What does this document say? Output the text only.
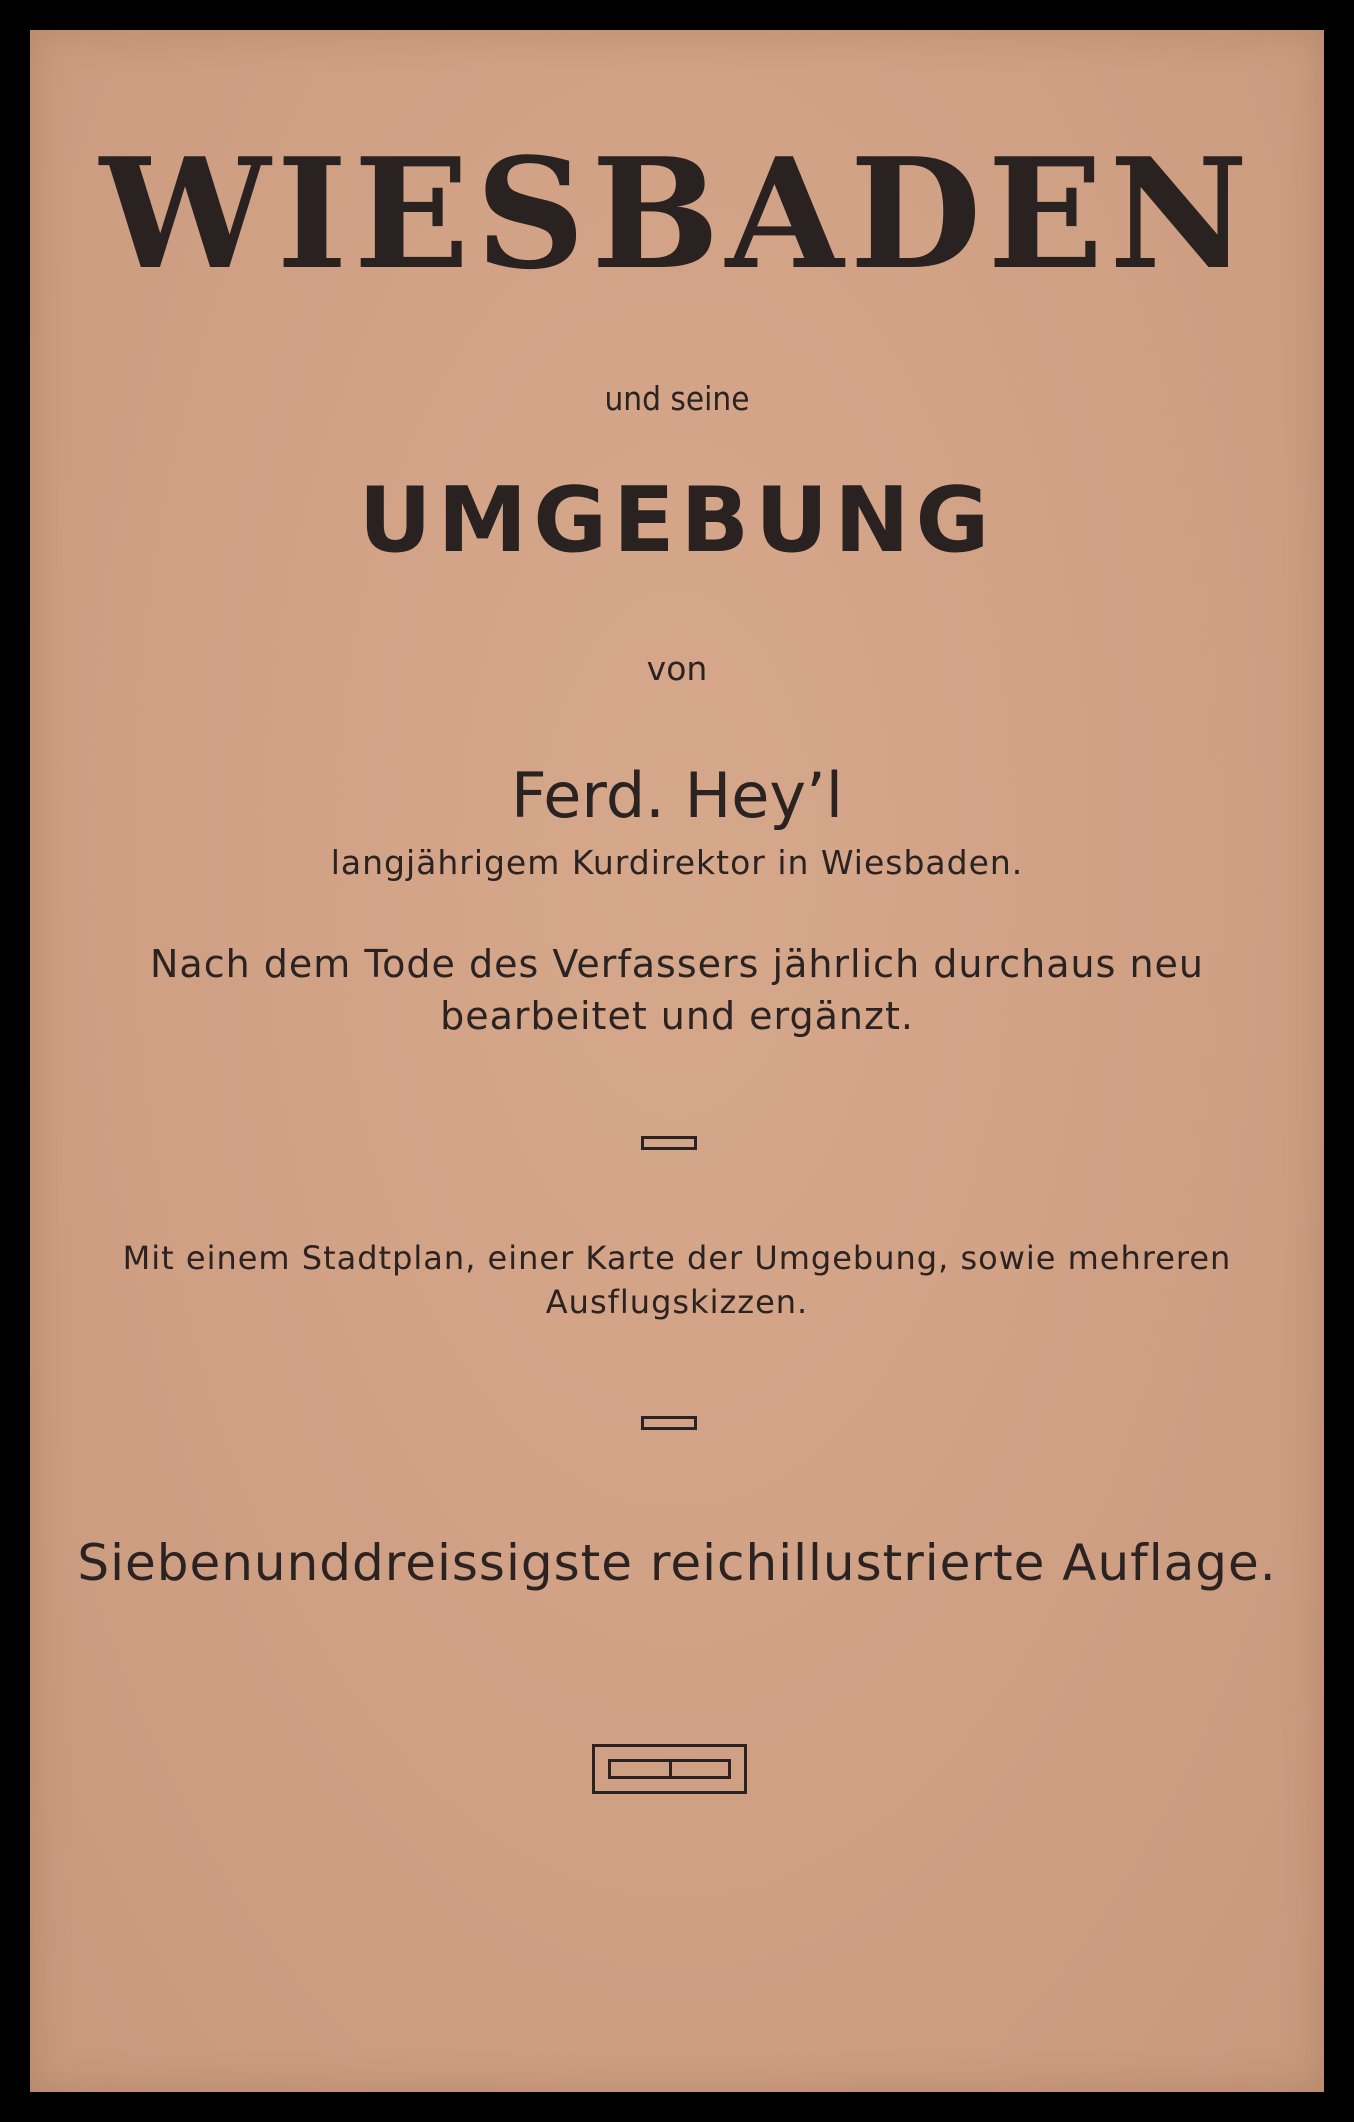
WIESBADEN
und seine
UMGEBUNG
von
Ferd. Hey’l
langjährigem Kurdirektor in Wiesbaden.
Nach dem Tode des Verfassers jährlich durchaus neu
bearbeitet und ergänzt.
Mit einem Stadtplan, einer Karte der Umgebung, sowie mehreren
Ausflugskizzen.
Siebenunddreissigste reichillustrierte Auflage.
